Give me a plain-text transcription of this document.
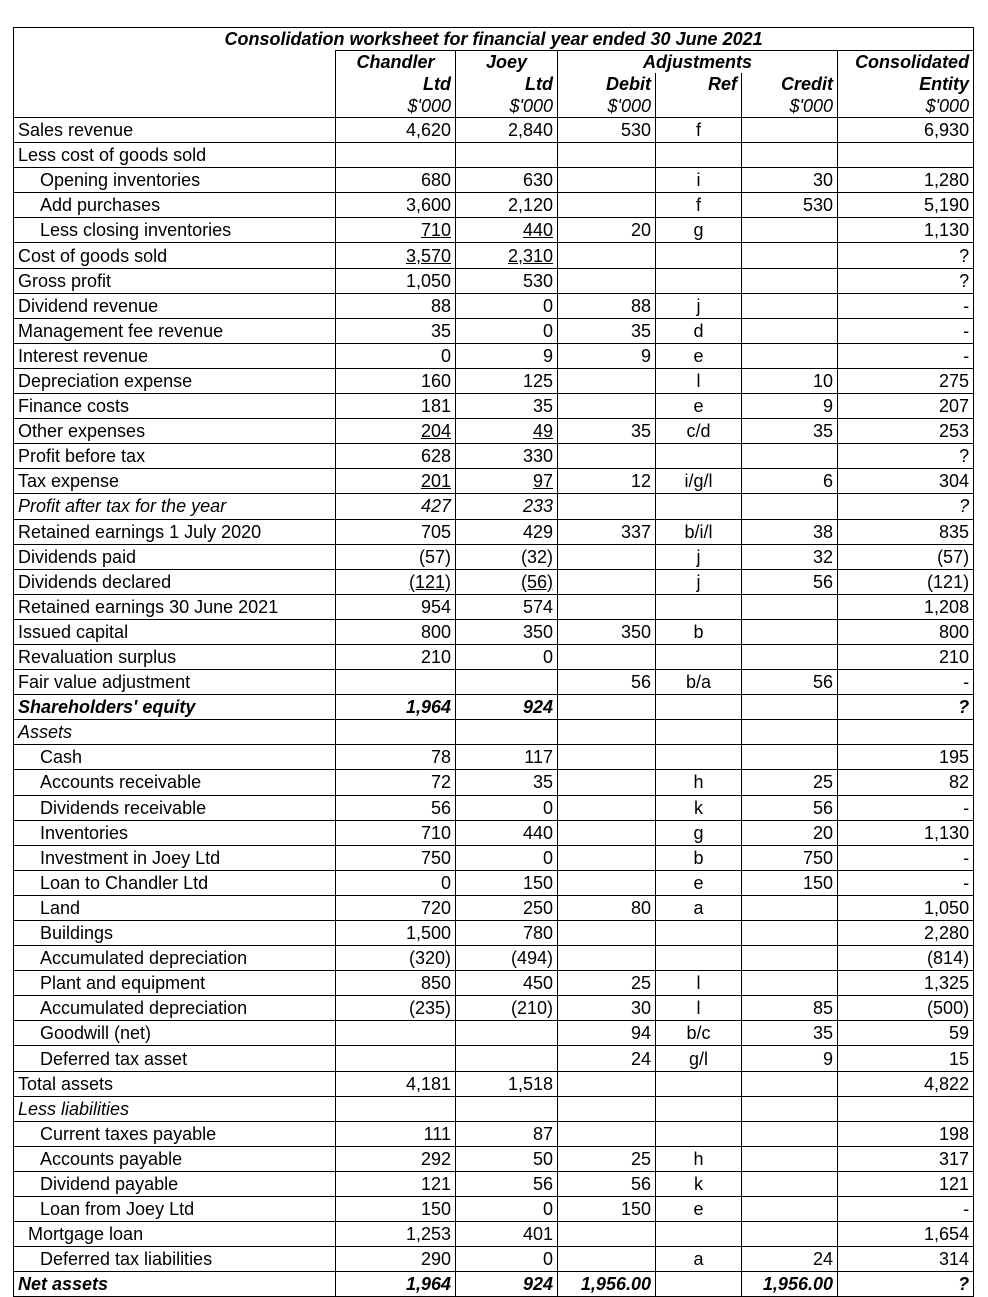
Consolidation worksheet for financial year ended 30 June 2021						
	Chandler	Joey	Adjustments			Consolidated
	Ltd	Ltd	Debit	Ref	Credit	Entity
	$'000	$'000	$'000		$'000	$'000
Sales revenue	4,620	2,840	530	f		6,930
Less cost of goods sold						
Opening inventories	680	630		i	30	1,280
Add purchases	3,600	2,120		f	530	5,190
Less closing inventories	710	440	20	g		1,130
Cost of goods sold	3,570	2,310				?
Gross profit	1,050	530				?
Dividend revenue	88	0	88	j		-
Management fee revenue	35	0	35	d		-
Interest revenue	0	9	9	e		-
Depreciation expense	160	125		l	10	275
Finance costs	181	35		e	9	207
Other expenses	204	49	35	c/d	35	253
Profit before tax	628	330				?
Tax expense	201	97	12	i/g/l	6	304
Profit after tax for the year	427	233				?
Retained earnings 1 July 2020	705	429	337	b/i/l	38	835
Dividends paid	(57)	(32)		j	32	(57)
Dividends declared	(121)	(56)		j	56	(121)
Retained earnings 30 June 2021	954	574				1,208
Issued capital	800	350	350	b		800
Revaluation surplus	210	0				210
Fair value adjustment			56	b/a	56	-
Shareholders' equity	1,964	924				?
Assets						
Cash	78	117				195
Accounts receivable	72	35		h	25	82
Dividends receivable	56	0		k	56	-
Inventories	710	440		g	20	1,130
Investment in Joey Ltd	750	0		b	750	-
Loan to Chandler Ltd	0	150		e	150	-
Land	720	250	80	a		1,050
Buildings	1,500	780				2,280
Accumulated depreciation	(320)	(494)				(814)
Plant and equipment	850	450	25	l		1,325
Accumulated depreciation	(235)	(210)	30	l	85	(500)
Goodwill (net)			94	b/c	35	59
Deferred tax asset			24	g/l	9	15
Total assets	4,181	1,518				4,822
Less liabilities						
Current taxes payable	111	87				198
Accounts payable	292	50	25	h		317
Dividend payable	121	56	56	k		121
Loan from Joey Ltd	150	0	150	e		-
Mortgage loan	1,253	401				1,654
Deferred tax liabilities	290	0		a	24	314
Net assets	1,964	924	1,956.00		1,956.00	?
